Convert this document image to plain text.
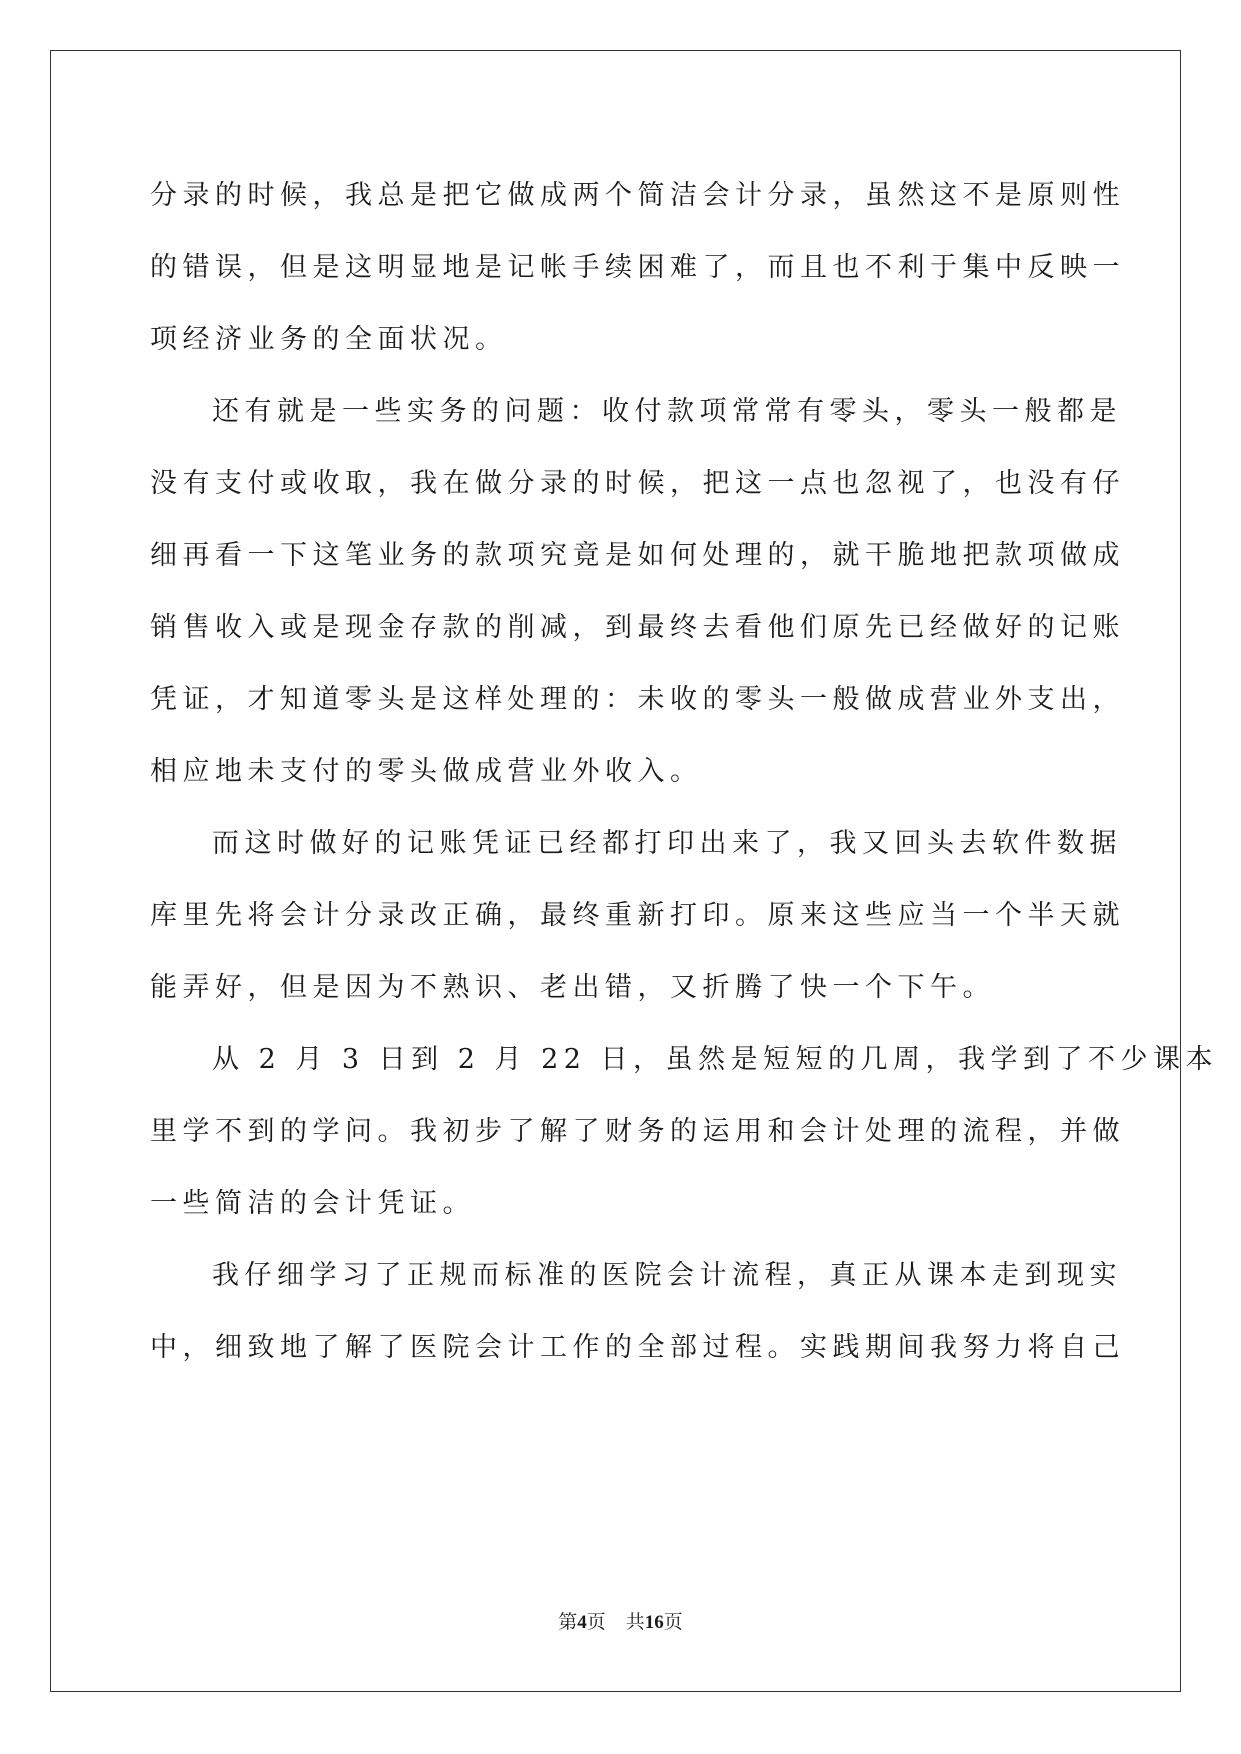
分录的时候，我总是把它做成两个简洁会计分录，虽然这不是原则性

的错误，但是这明显地是记帐手续困难了，而且也不利于集中反映一

项经济业务的全面状况。

还有就是一些实务的问题：收付款项常常有零头，零头一般都是

没有支付或收取，我在做分录的时候，把这一点也忽视了，也没有仔

细再看一下这笔业务的款项究竟是如何处理的，就干脆地把款项做成

销售收入或是现金存款的削减，到最终去看他们原先已经做好的记账

凭证，才知道零头是这样处理的：未收的零头一般做成营业外支出，

相应地未支付的零头做成营业外收入。

而这时做好的记账凭证已经都打印出来了，我又回头去软件数据

库里先将会计分录改正确，最终重新打印。原来这些应当一个半天就

能弄好，但是因为不熟识、老出错，又折腾了快一个下午。

从 2 月 3 日到 2 月 22 日，虽然是短短的几周，我学到了不少课本

里学不到的学问。我初步了解了财务的运用和会计处理的流程，并做

一些简洁的会计凭证。

我仔细学习了正规而标准的医院会计流程，真正从课本走到现实

中，细致地了解了医院会计工作的全部过程。实践期间我努力将自己

第4页 共16页
